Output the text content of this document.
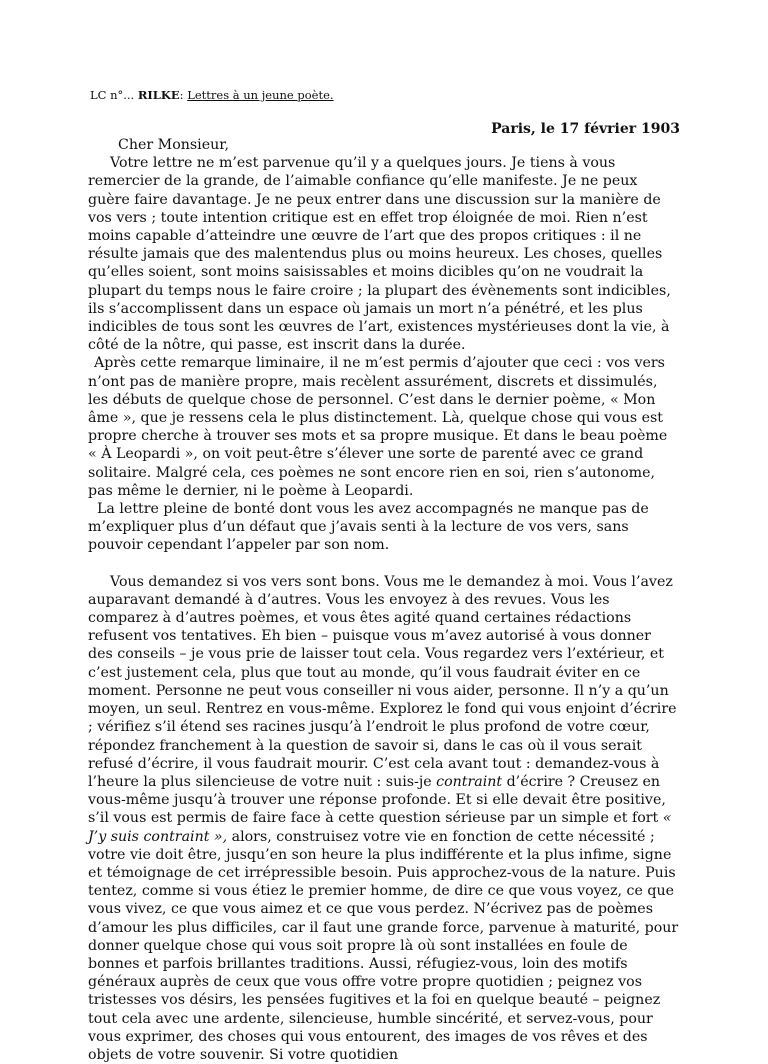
LC n°... RILKE: Lettres à un jeune poète.
Paris, le 17 février 1903

Cher Monsieur,

Votre lettre ne m’est parvenue qu’il y a quelques jours. Je tiens à vous remercier de la grande, de l’aimable confiance qu’elle manifeste. Je ne peux guère faire davantage. Je ne peux entrer dans une discussion sur la manière de vos vers ; toute intention critique est en effet trop éloignée de moi. Rien n’est moins capable d’atteindre une œuvre de l’art que des propos critiques : il ne résulte jamais que des malentendus plus ou moins heureux. Les choses, quelles qu’elles soient, sont moins saisissables et moins dicibles qu’on ne voudrait la plupart du temps nous le faire croire ; la plupart des évènements sont indicibles, ils s’accomplissent dans un espace où jamais un mort n’a pénétré, et les plus indicibles de tous sont les œuvres de l’art, existences mystérieuses dont la vie, à côté de la nôtre, qui passe, est inscrit dans la durée.

Après cette remarque liminaire, il ne m’est permis d’ajouter que ceci : vos vers n’ont pas de manière propre, mais recèlent assurément, discrets et dissimulés, les débuts de quelque chose de personnel. C’est dans le dernier poème, « Mon âme », que je ressens cela le plus distinctement. Là, quelque chose qui vous est propre cherche à trouver ses mots et sa propre musique. Et dans le beau poème « À Leopardi », on voit peut-être s’élever une sorte de parenté avec ce grand solitaire. Malgré cela, ces poèmes ne sont encore rien en soi, rien s’autonome, pas même le dernier, ni le poème à Leopardi.

La lettre pleine de bonté dont vous les avez accompagnés ne manque pas de m’expliquer plus d’un défaut que j’avais senti à la lecture de vos vers, sans pouvoir cependant l’appeler par son nom.

Vous demandez si vos vers sont bons. Vous me le demandez à moi. Vous l’avez auparavant demandé à d’autres. Vous les envoyez à des revues. Vous les comparez à d’autres poèmes, et vous êtes agité quand certaines rédactions refusent vos tentatives. Eh bien – puisque vous m’avez autorisé à vous donner des conseils – je vous prie de laisser tout cela. Vous regardez vers l’extérieur, et c’est justement cela, plus que tout au monde, qu’il vous faudrait éviter en ce moment. Personne ne peut vous conseiller ni vous aider, personne. Il n’y a qu’un moyen, un seul. Rentrez en vous-même. Explorez le fond qui vous enjoint d’écrire ; vérifiez s’il étend ses racines jusqu’à l’endroit le plus profond de votre cœur, répondez franchement à la question de savoir si, dans le cas où il vous serait refusé d’écrire, il vous faudrait mourir. C’est cela avant tout : demandez-vous à l’heure la plus silencieuse de votre nuit : suis-je contraint d’écrire ? Creusez en vous-même jusqu’à trouver une réponse profonde. Et si elle devait être positive, s’il vous est permis de faire face à cette question sérieuse par un simple et fort « J’y suis contraint », alors, construisez votre vie en fonction de cette nécessité ; votre vie doit être, jusqu’en son heure la plus indifférente et la plus infime, signe et témoignage de cet irrépressible besoin. Puis approchez-vous de la nature. Puis tentez, comme si vous étiez le premier homme, de dire ce que vous voyez, ce que vous vivez, ce que vous aimez et ce que vous perdez. N’écrivez pas de poèmes d’amour les plus difficiles, car il faut une grande force, parvenue à maturité, pour donner quelque chose qui vous soit propre là où sont installées en foule de bonnes et parfois brillantes traditions. Aussi, réfugiez-vous, loin des motifs généraux auprès de ceux que vous offre votre propre quotidien ; peignez vos tristesses vos désirs, les pensées fugitives et la foi en quelque beauté – peignez tout cela avec une ardente, silencieuse, humble sincérité, et servez-vous, pour vous exprimer, des choses qui vous entourent, des images de vos rêves et des objets de votre souvenir. Si votre quotidien
